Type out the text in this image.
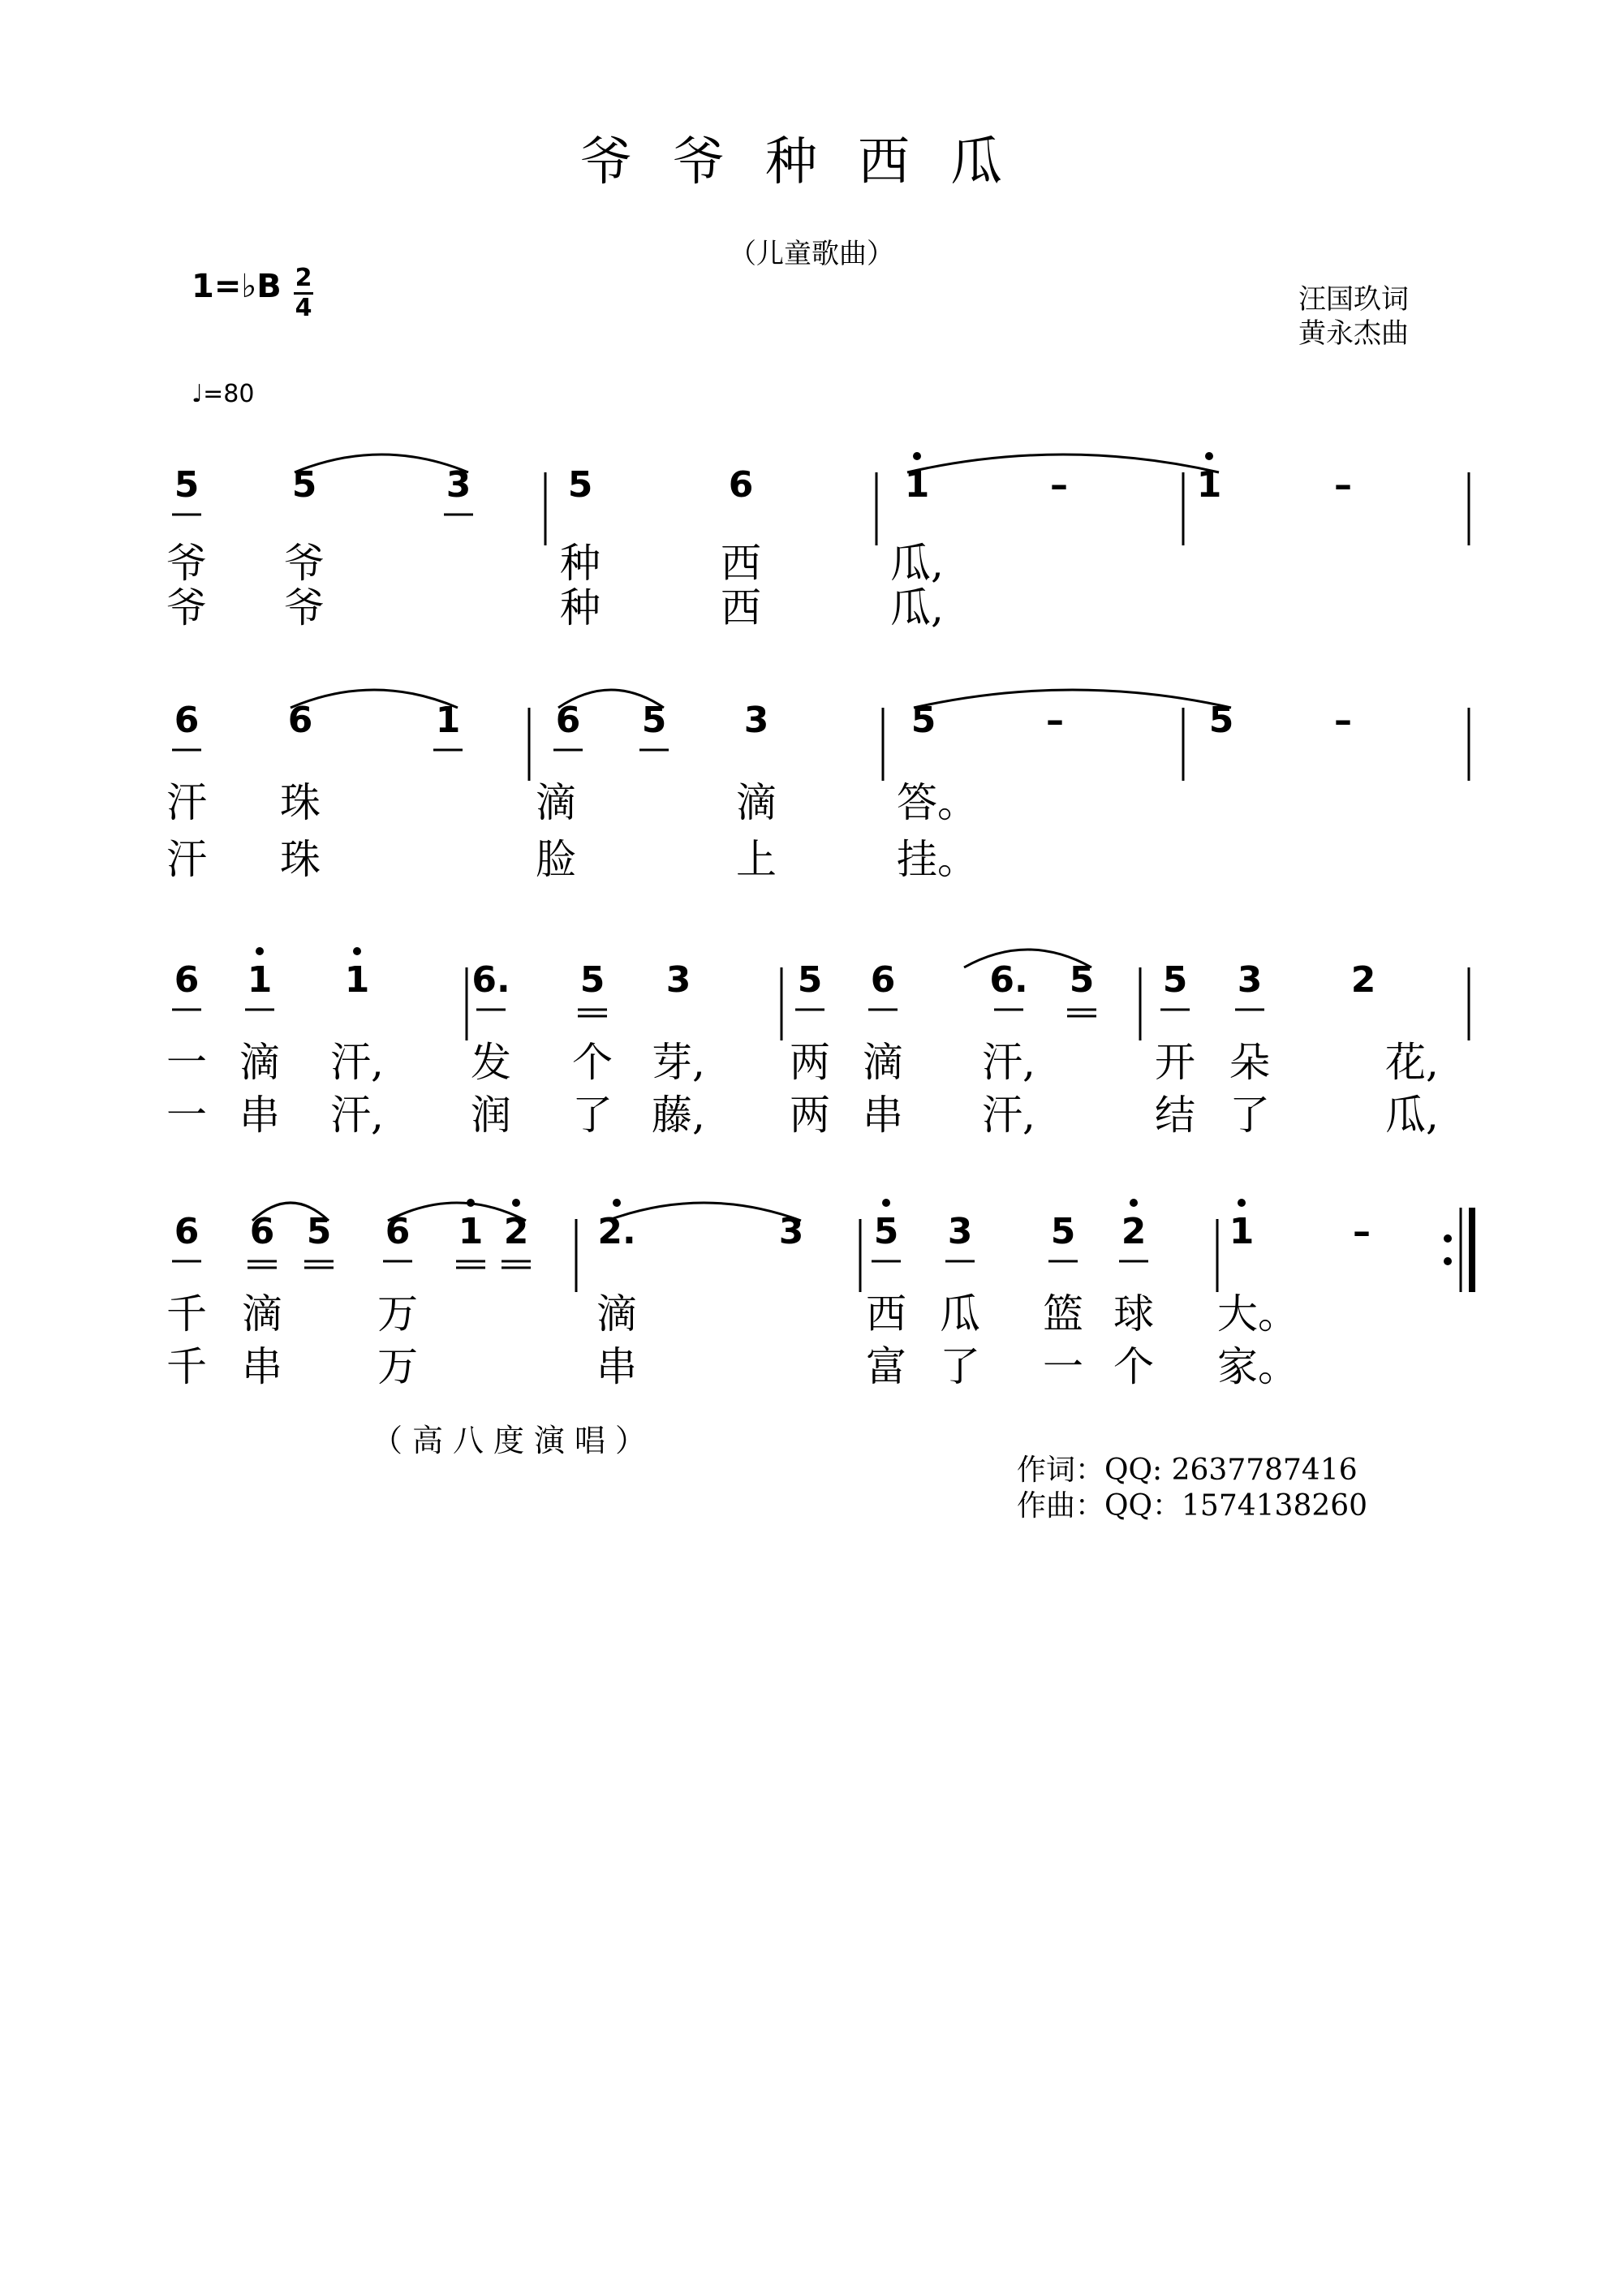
爷爷种西瓜
（儿童歌曲）
1=♭B 2
4	汪国玖词
黄永杰曲
♩=80
5	5	3	5	6	1	–	1	–
爷 爷	种	西	瓜,
爷 爷	种	西	瓜,
6 6	1	6 5 3	5	–	5	–
汗 珠	滴	滴	答。
汗 珠	脸	上	挂。
6 1 1	6. 5 3	5 6	6. 5 5 3 2
一 滴 汗, 发 个 芽, 两 滴 汗,	开 朵	花,
一 串 汗, 润 了 藤, 两 串 汗,	结 了	瓜,
6 6 5 6 1 2 2.	3 5 3 5 2 1	–
千 滴 万	滴	西 瓜 篮 球 大。
千 串 万	串	富 了 一 个 家。
（高八度演唱）
作词：QQ: 2637787416
作曲：QQ：1574138260
